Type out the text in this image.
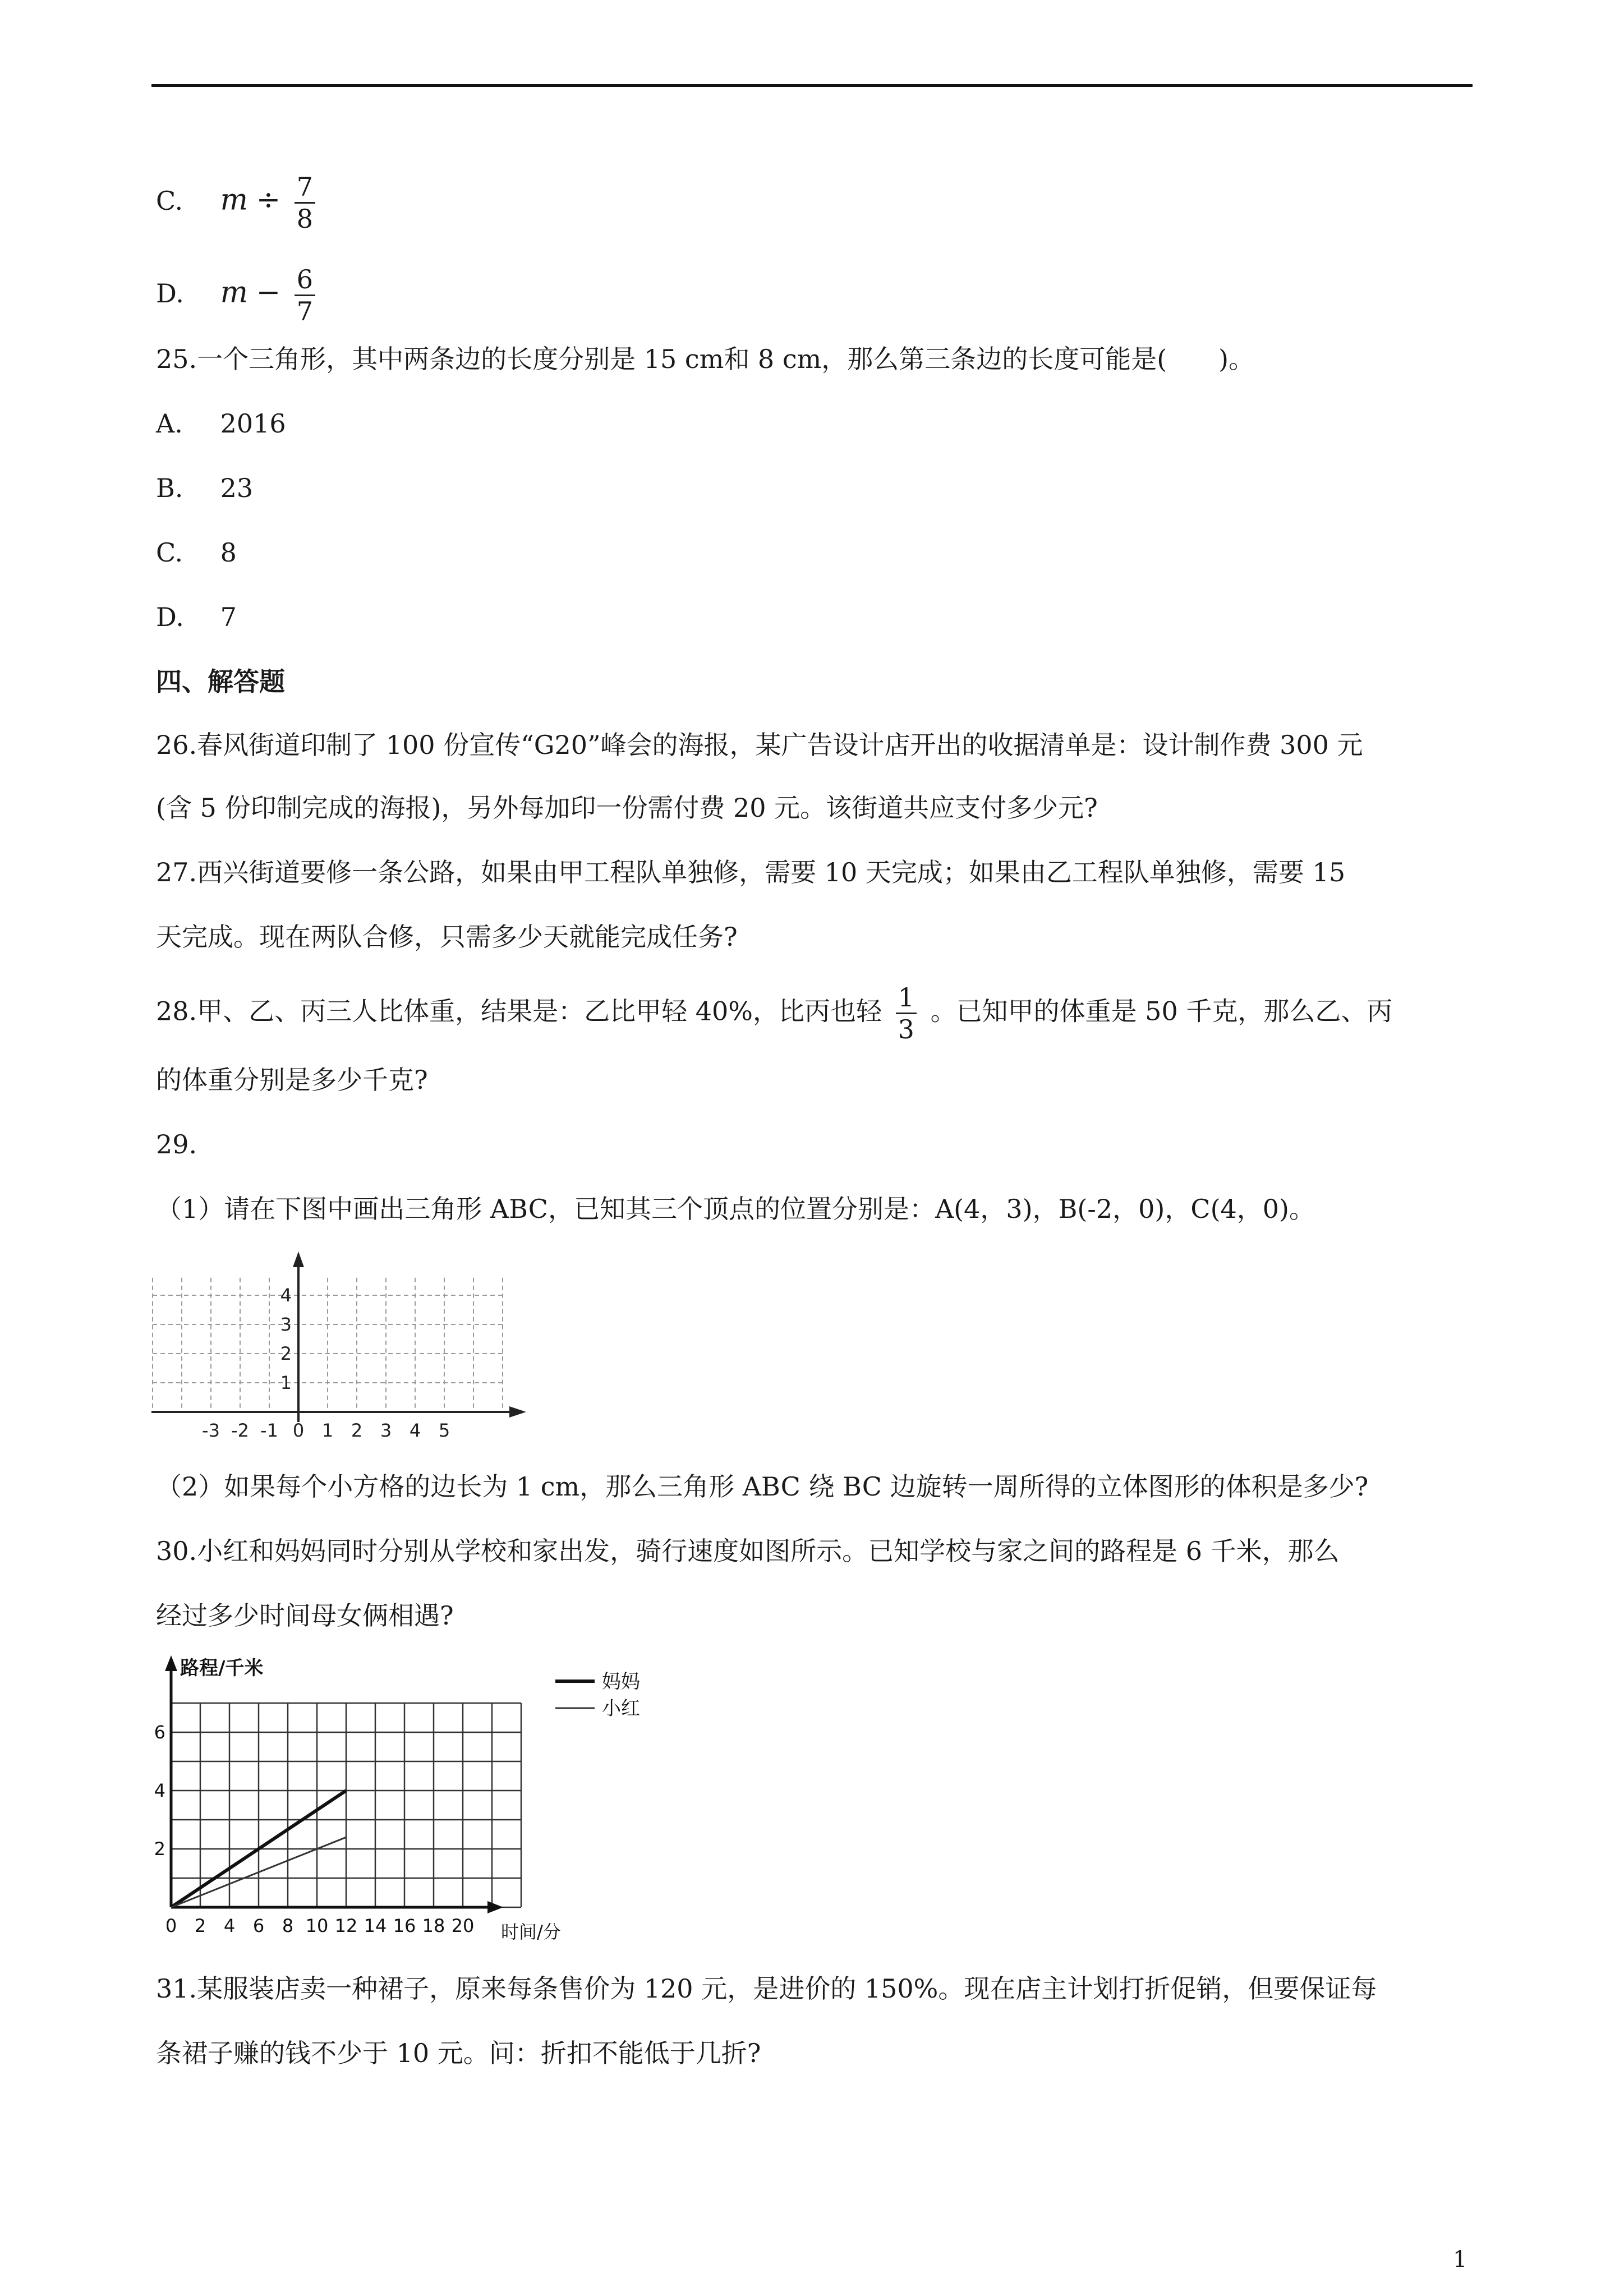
C. $m \div \frac{7}{8}$
D. $m - \frac{6}{7}$
25.一个三角形，其中两条边的长度分别是 15 cm和 8 cm，那么第三条边的长度可能是(　　)。
A. 2016
B. 23
C. 8
D. 7
四、解答题
26.春风街道印制了 100 份宣传“G20”峰会的海报，某广告设计店开出的收据清单是：设计制作费 300 元
(含 5 份印制完成的海报)，另外每加印一份需付费 20 元。该街道共应支付多少元?
27.西兴街道要修一条公路，如果由甲工程队单独修，需要 10 天完成；如果由乙工程队单独修，需要 15
天完成。现在两队合修，只需多少天就能完成任务?
28.甲、乙、丙三人比体重，结果是：乙比甲轻 40%，比丙也轻 $\frac{1}{3}$ 。已知甲的体重是 50 千克，那么乙、丙
的体重分别是多少千克?
29.
（1）请在下图中画出三角形 ABC，已知其三个顶点的位置分别是：A(4，3)，B(-2，0)，C(4，0)。
-3 -2 -1 0 1 2 3 4 5
1
2
3
4
（2）如果每个小方格的边长为 1 cm，那么三角形 ABC 绕 BC 边旋转一周所得的立体图形的体积是多少?
30.小红和妈妈同时分别从学校和家出发，骑行速度如图所示。已知学校与家之间的路程是 6 千米，那么
经过多少时间母女俩相遇?
路程/千米
时间/分
0 2 4 6 8 10 12 14 16 18 20
2
4
6
妈妈
小红
31.某服装店卖一种裙子，原来每条售价为 120 元，是进价的 150%。现在店主计划打折促销，但要保证每
条裙子赚的钱不少于 10 元。问：折扣不能低于几折?
1
